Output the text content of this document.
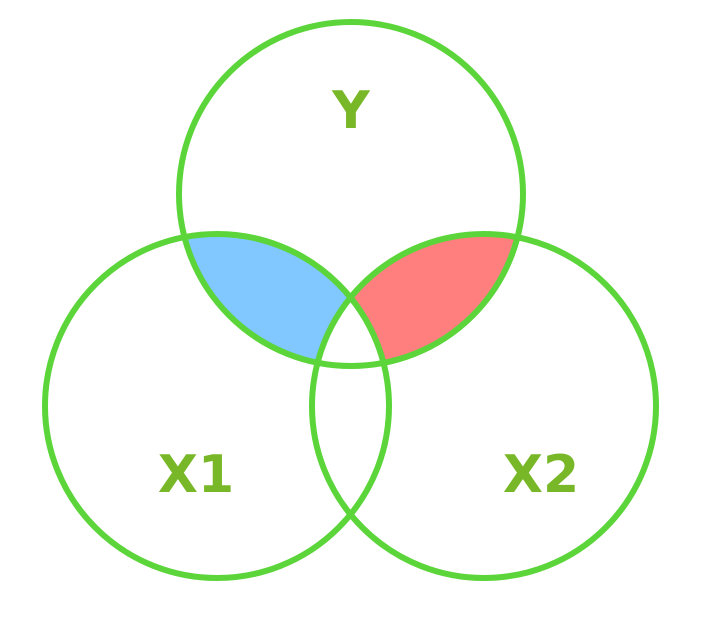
Y
X1	X2
